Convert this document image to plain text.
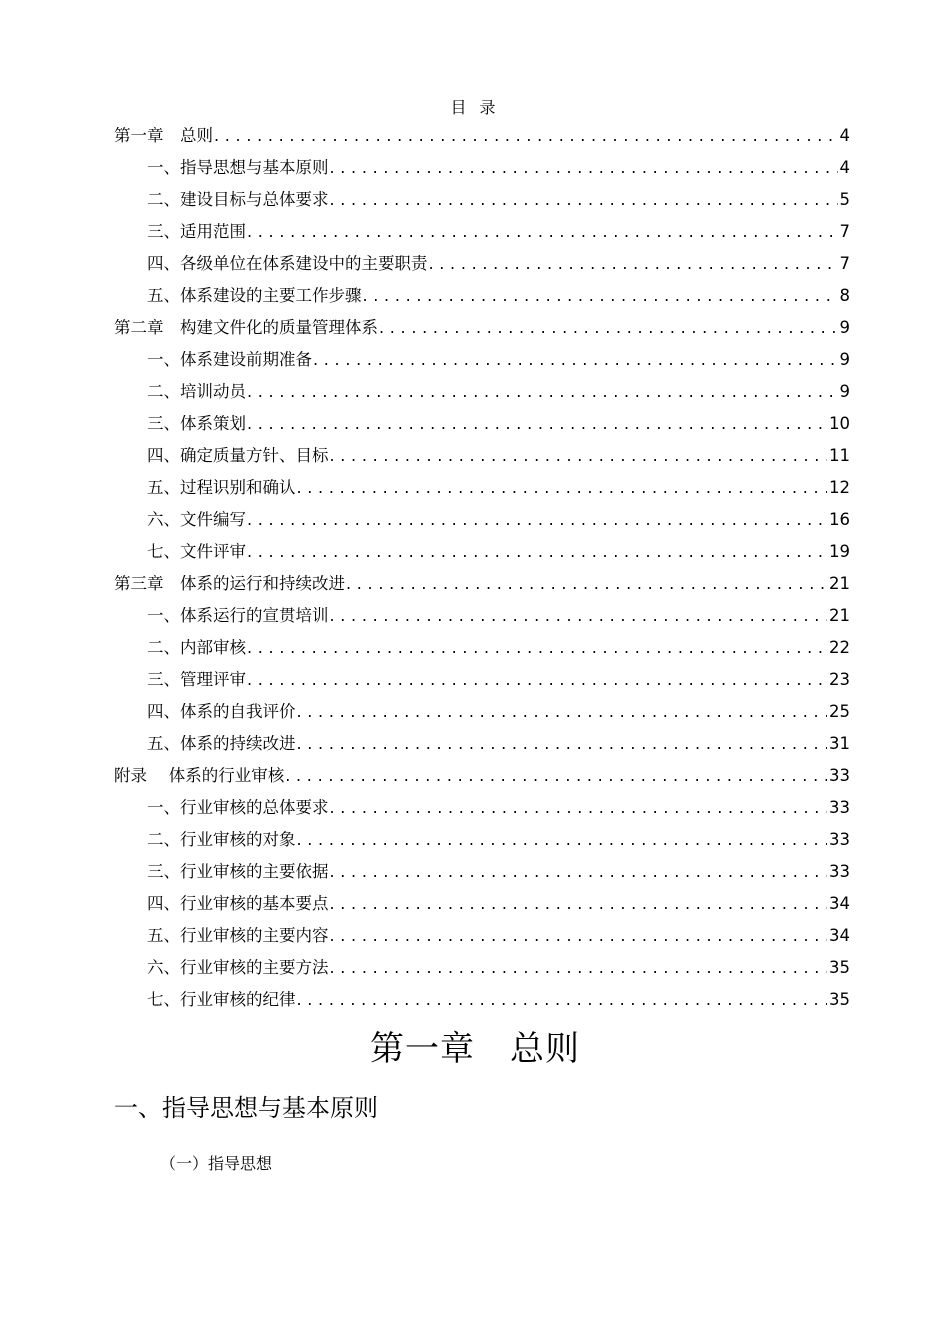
目 录
第一章　总则 . . .	4
一、指导思想与基本原则 . . .	4
二、建设目标与总体要求 . . .	5
三、适用范围 . . .	7
四、各级单位在体系建设中的主要职责 . . .	7
五、体系建设的主要工作步骤 . . .	8
第二章　构建文件化的质量管理体系 . . .	9
一、体系建设前期准备 . . .	9
二、培训动员 . . .	9
三、体系策划 . . .	10
四、确定质量方针、目标 . . .	11
五、过程识别和确认 . . .	12
六、文件编写 . . .	16
七、文件评审 . . .	19
第三章　体系的运行和持续改进 . . .	21
一、体系运行的宣贯培训 . . .	21
二、内部审核 . . .	22
三、管理评审 . . .	23
四、体系的自我评价 . . .	25
五、体系的持续改进 . . .	31
附录　 体系的行业审核 . . .	33
一、行业审核的总体要求 . . .	33
二、行业审核的对象 . . .	33
三、行业审核的主要依据 . . .	33
四、行业审核的基本要点 . . .	34
五、行业审核的主要内容 . . .	34
六、行业审核的主要方法 . . .	35
七、行业审核的纪律 . . .	35
第一章　总则
一、指导思想与基本原则
（一）指导思想
